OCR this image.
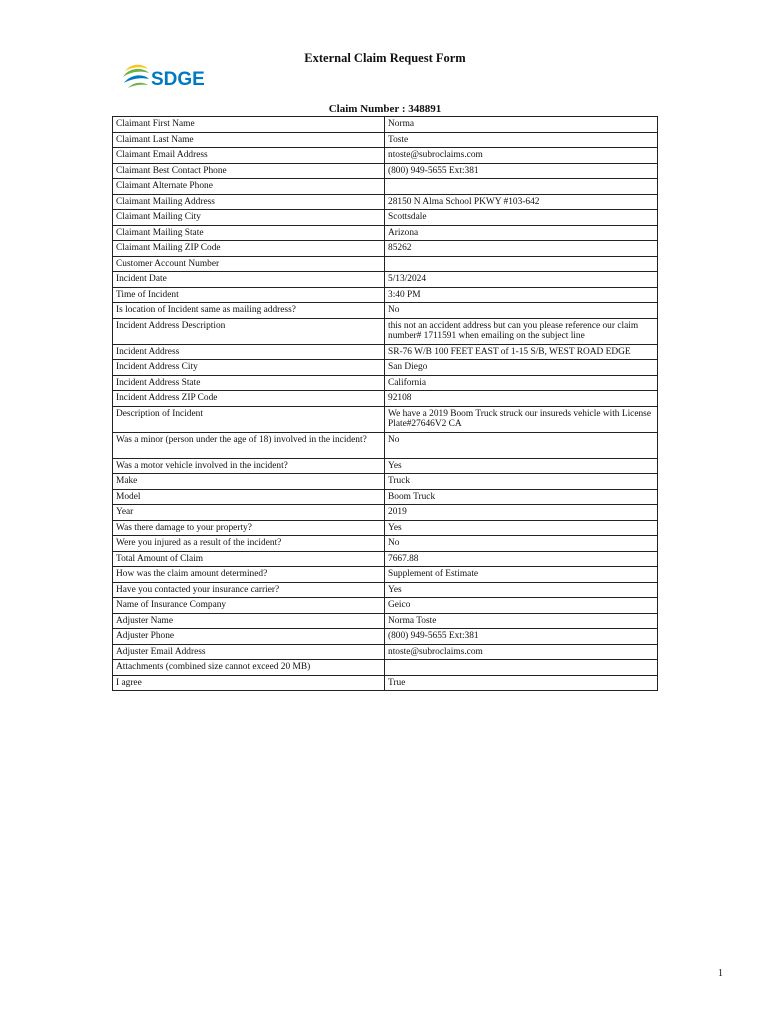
External Claim Request Form
SDGE
Claim Number : 348891
Claimant First Name	Norma
Claimant Last Name	Toste
Claimant Email Address	ntoste@subroclaims.com
Claimant Best Contact Phone	(800) 949-5655 Ext:381
Claimant Alternate Phone	
Claimant Mailing Address	28150 N Alma School PKWY #103-642
Claimant Mailing City	Scottsdale
Claimant Mailing State	Arizona
Claimant Mailing ZIP Code	85262
Customer Account Number	
Incident Date	5/13/2024
Time of Incident	3:40 PM
Is location of Incident same as mailing address?	No
Incident Address Description	this not an accident address but can you please reference our claim number# 1711591 when emailing on the subject line
Incident Address	SR-76 W/B 100 FEET EAST of 1-15 S/B, WEST ROAD EDGE
Incident Address City	San Diego
Incident Address State	California
Incident Address ZIP Code	92108
Description of Incident	We have a 2019 Boom Truck struck our insureds vehicle with License Plate#27646V2 CA
Was a minor (person under the age of 18) involved in the incident?	No
Was a motor vehicle involved in the incident?	Yes
Make	Truck
Model	Boom Truck
Year	2019
Was there damage to your property?	Yes
Were you injured as a result of the incident?	No
Total Amount of Claim	7667.88
How was the claim amount determined?	Supplement of Estimate
Have you contacted your insurance carrier?	Yes
Name of Insurance Company	Geico
Adjuster Name	Norma Toste
Adjuster Phone	(800) 949-5655 Ext:381
Adjuster Email Address	ntoste@subroclaims.com
Attachments (combined size cannot exceed 20 MB)	
I agree	True
1
